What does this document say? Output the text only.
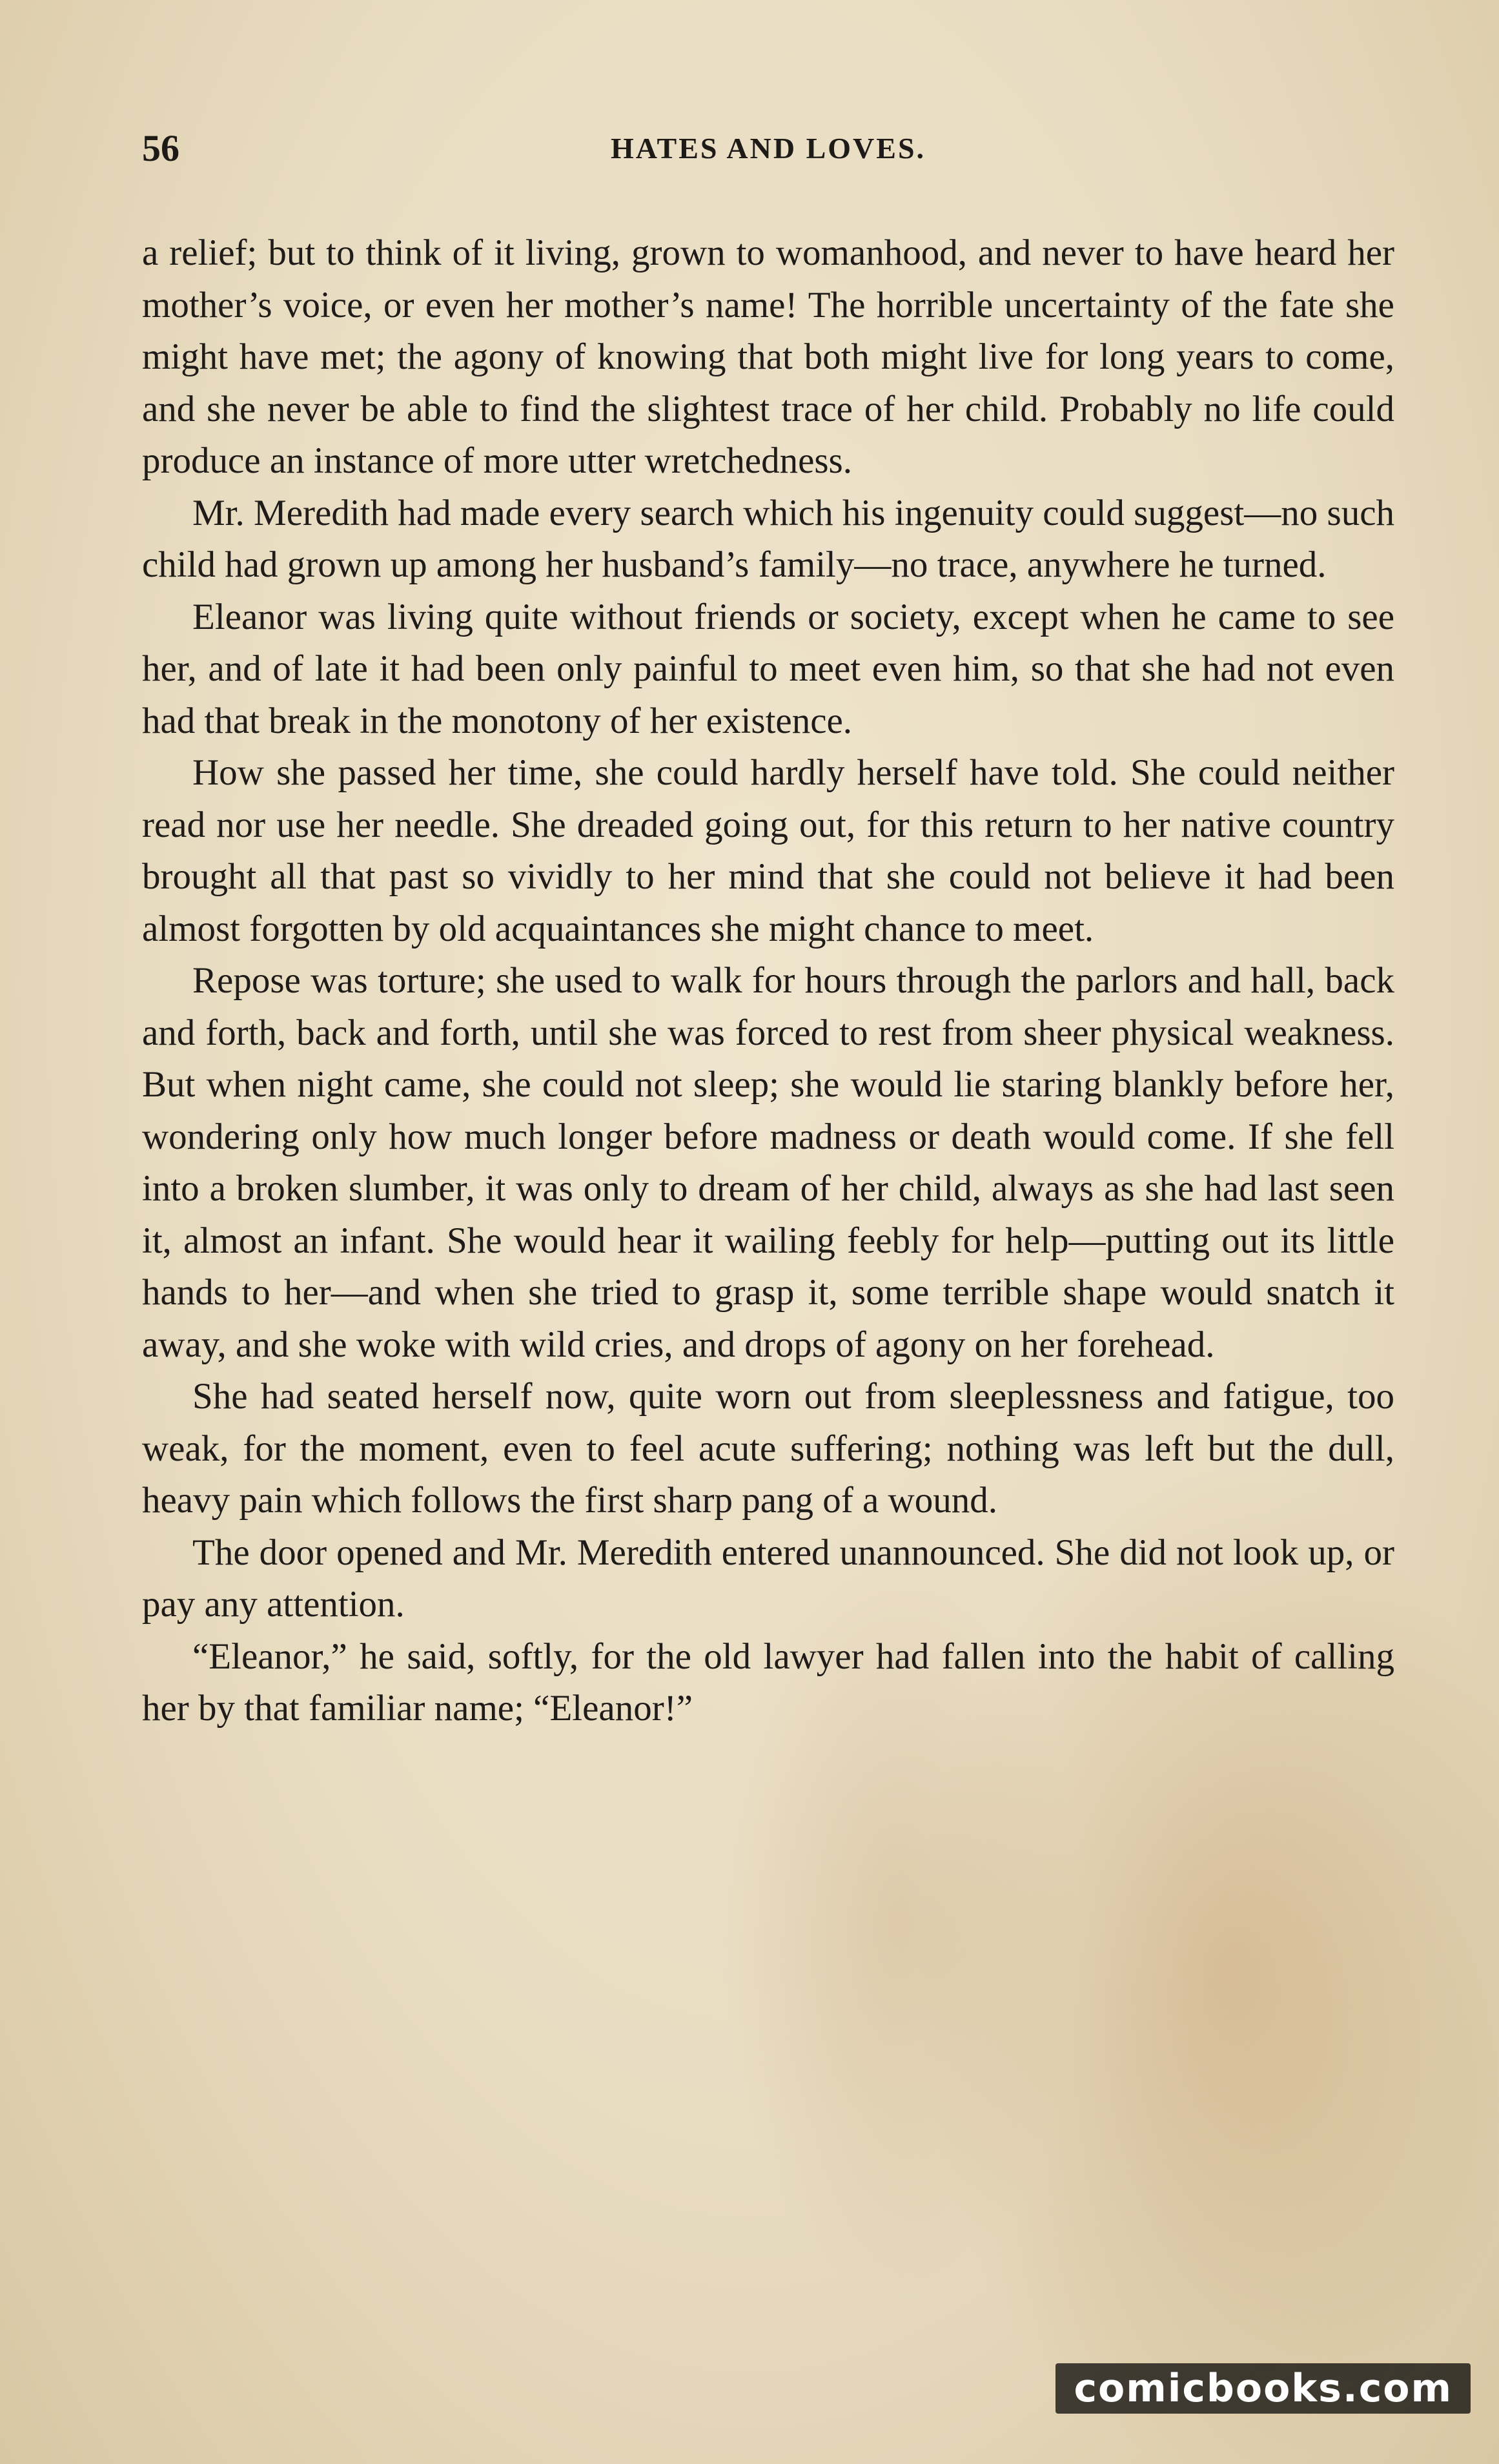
56	HATES AND LOVES.

a relief; but to think of it living, grown to womanhood, and never to have heard her mother’s voice, or even her mother’s name! The horrible uncertainty of the fate she might have met; the agony of knowing that both might live for long years to come, and she never be able to find the slightest trace of her child. Probably no life could produce an instance of more utter wretchedness.

Mr. Meredith had made every search which his ingenuity could suggest—no such child had grown up among her husband’s family—no trace, anywhere he turned.

Eleanor was living quite without friends or society, except when he came to see her, and of late it had been only painful to meet even him, so that she had not even had that break in the monotony of her existence.

How she passed her time, she could hardly herself have told. She could neither read nor use her needle. She dreaded going out, for this return to her native country brought all that past so vividly to her mind that she could not believe it had been almost forgotten by old acquaintances she might chance to meet.

Repose was torture; she used to walk for hours through the parlors and hall, back and forth, back and forth, until she was forced to rest from sheer physical weakness. But when night came, she could not sleep; she would lie staring blankly before her, wondering only how much longer before madness or death would come. If she fell into a broken slumber, it was only to dream of her child, always as she had last seen it, almost an infant. She would hear it wailing feebly for help—putting out its little hands to her—and when she tried to grasp it, some terrible shape would snatch it away, and she woke with wild cries, and drops of agony on her forehead.

She had seated herself now, quite worn out from sleeplessness and fatigue, too weak, for the moment, even to feel acute suffering; nothing was left but the dull, heavy pain which follows the first sharp pang of a wound.

The door opened and Mr. Meredith entered unannounced. She did not look up, or pay any attention.

“Eleanor,” he said, softly, for the old lawyer had fallen into the habit of calling her by that familiar name; “Eleanor!”

comicbooks.com
